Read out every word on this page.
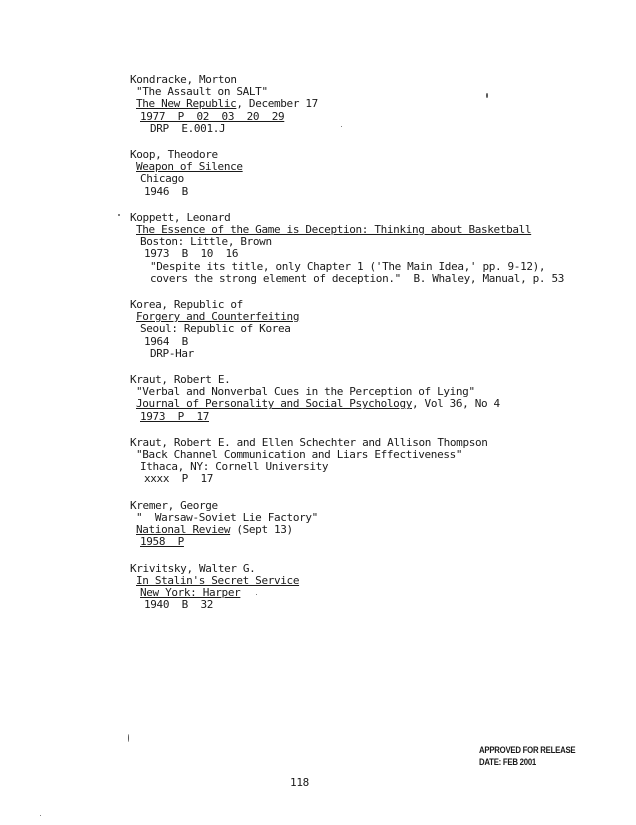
Kondracke, Morton
"The Assault on SALT"
The New Republic, December 17
1977  P  02  03  20  29
DRP  E.001.J
Koop, Theodore
Weapon of Silence
Chicago
1946  B
Koppett, Leonard
The Essence of the Game is Deception: Thinking about Basketball
Boston: Little, Brown
1973  B  10  16
"Despite its title, only Chapter 1 ('The Main Idea,' pp. 9-12),
covers the strong element of deception."  B. Whaley, Manual, p. 53
Korea, Republic of
Forgery and Counterfeiting
Seoul: Republic of Korea
1964  B
DRP-Har
Kraut, Robert E.
"Verbal and Nonverbal Cues in the Perception of Lying"
Journal of Personality and Social Psychology, Vol 36, No 4
1973  P  17
Kraut, Robert E. and Ellen Schechter and Allison Thompson
"Back Channel Communication and Liars Effectiveness"
Ithaca, NY: Cornell University
xxxx  P  17
Kremer, George
"  Warsaw-Soviet Lie Factory"
National Review (Sept 13)
1958  P
Krivitsky, Walter G.
In Stalin's Secret Service
New York: Harper
1940  B  32
APPROVED FOR RELEASE
DATE: FEB 2001
118
